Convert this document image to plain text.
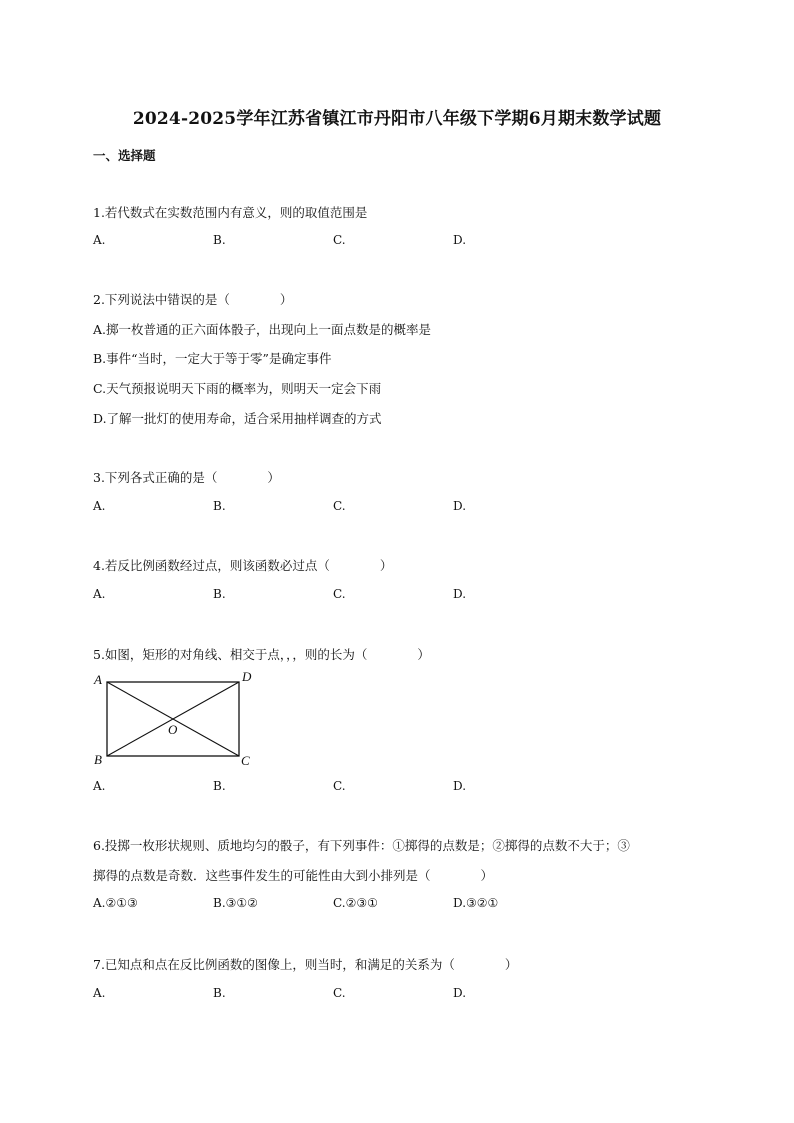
2024-2025学年江苏省镇江市丹阳市八年级下学期6月期末数学试题
一、选择题
1.若代数式在实数范围内有意义，则的取值范围是
A.	B.	C.	D.
2.下列说法中错误的是（　　　　）
A.掷一枚普通的正六面体骰子，出现向上一面点数是的概率是
B.事件“当时，一定大于等于零”是确定事件
C.天气预报说明天下雨的概率为，则明天一定会下雨
D.了解一批灯的使用寿命，适合采用抽样调查的方式
3.下列各式正确的是（　　　　）
A.	B.	C.	D.
4.若反比例函数经过点，则该函数必过点（　　　　）
A.	B.	C.	D.
5.如图，矩形的对角线、相交于点，，，则的长为（　　　　）
A	D
B	C
O
A.	B.	C.	D.
6.投掷一枚形状规则、质地均匀的骰子，有下列事件：①掷得的点数是；②掷得的点数不大于；③
掷得的点数是奇数．这些事件发生的可能性由大到小排列是（　　　　）
A.②①③	B.③①②	C.②③①	D.③②①
7.已知点和点在反比例函数的图像上，则当时，和满足的关系为（　　　　）
A.	B.	C.	D.
